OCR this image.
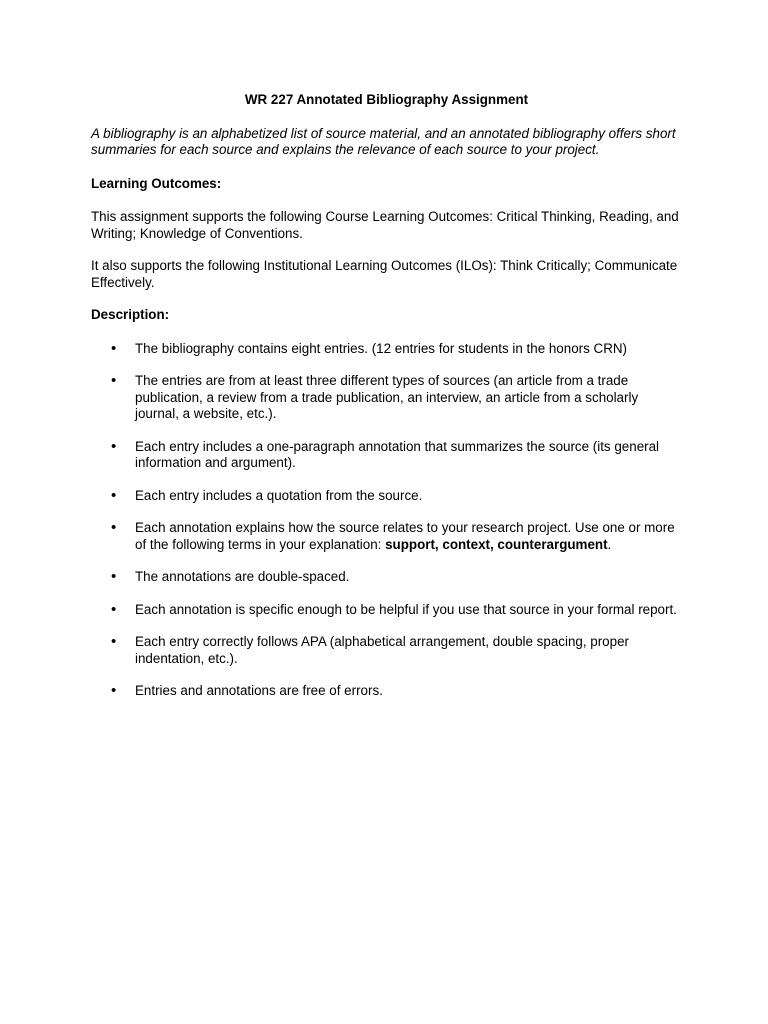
WR 227 Annotated Bibliography Assignment
A bibliography is an alphabetized list of source material, and an annotated bibliography offers short summaries for each source and explains the relevance of each source to your project.
Learning Outcomes:
This assignment supports the following Course Learning Outcomes: Critical Thinking, Reading, and Writing; Knowledge of Conventions.
It also supports the following Institutional Learning Outcomes (ILOs): Think Critically; Communicate Effectively.
Description:
• The bibliography contains eight entries. (12 entries for students in the honors CRN)
• The entries are from at least three different types of sources (an article from a trade publication, a review from a trade publication, an interview, an article from a scholarly journal, a website, etc.).
• Each entry includes a one-paragraph annotation that summarizes the source (its general information and argument).
• Each entry includes a quotation from the source.
• Each annotation explains how the source relates to your research project. Use one or more of the following terms in your explanation: support, context, counterargument.
• The annotations are double-spaced.
• Each annotation is specific enough to be helpful if you use that source in your formal report.
• Each entry correctly follows APA (alphabetical arrangement, double spacing, proper indentation, etc.).
• Entries and annotations are free of errors.
